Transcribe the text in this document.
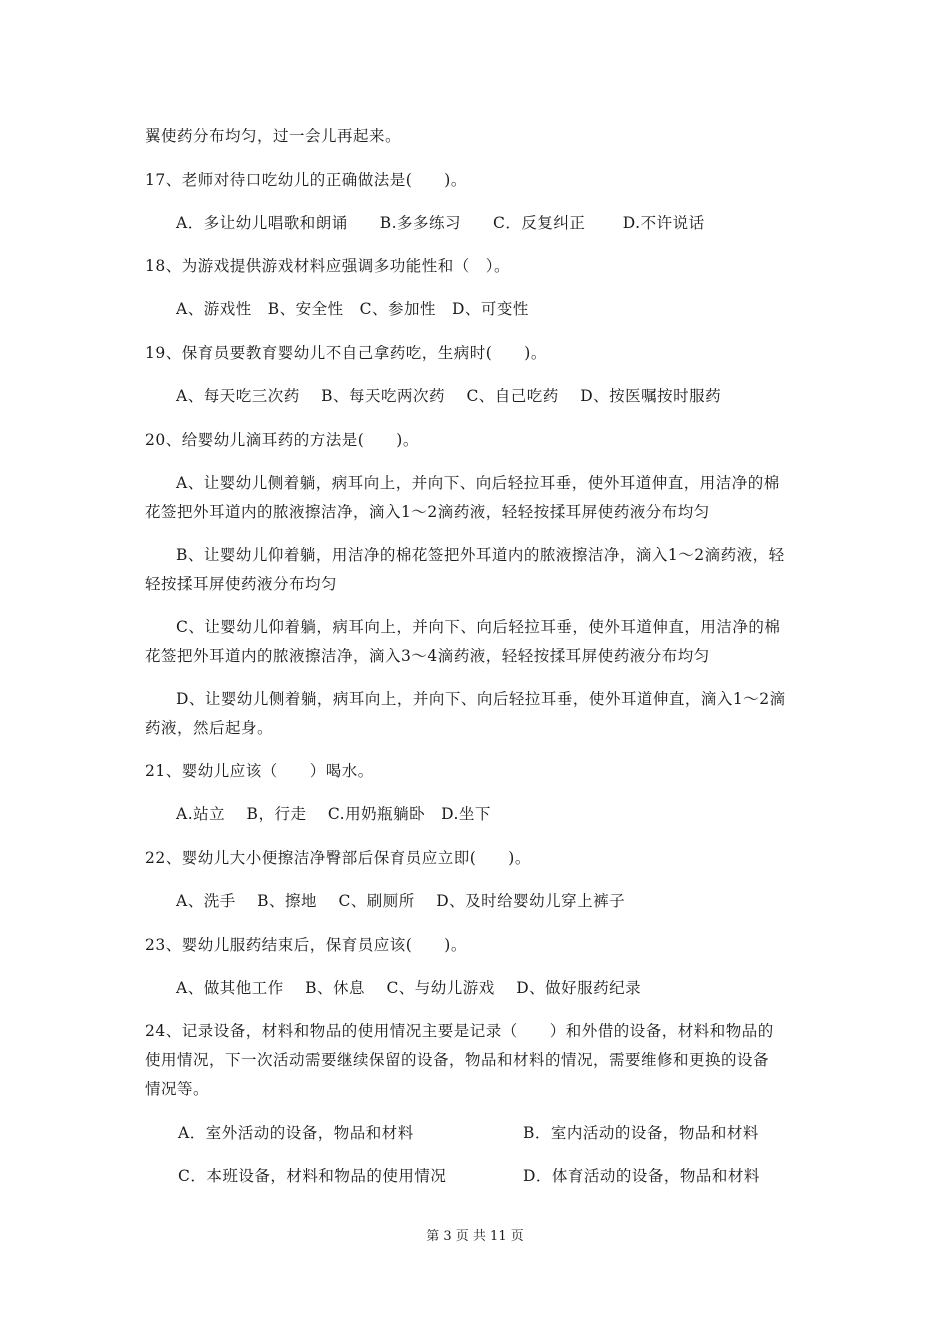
翼使药分布均匀，过一会儿再起来。
17、老师对待口吃幼儿的正确做法是(　　)。
A．多让幼儿唱歌和朗诵　　B.多多练习　　C．反复纠正　　 D.不许说话
18、为游戏提供游戏材料应强调多功能性和（　）。
A、游戏性　B、安全性　C、参加性　D、可变性
19、保育员要教育婴幼儿不自己拿药吃，生病时(　　)。
A、每天吃三次药　 B、每天吃两次药　 C、自己吃药　 D、按医嘱按时服药
20、给婴幼儿滴耳药的方法是(　　)。
A、让婴幼儿侧着躺，病耳向上，并向下、向后轻拉耳垂，使外耳道伸直，用洁净的棉
花签把外耳道内的脓液擦洁净，滴入1～2滴药液，轻轻按揉耳屏使药液分布均匀
B、让婴幼儿仰着躺，用洁净的棉花签把外耳道内的脓液擦洁净，滴入1～2滴药液，轻
轻按揉耳屏使药液分布均匀
C、让婴幼儿仰着躺，病耳向上，并向下、向后轻拉耳垂，使外耳道伸直，用洁净的棉
花签把外耳道内的脓液擦洁净，滴入3～4滴药液，轻轻按揉耳屏使药液分布均匀
D、让婴幼儿侧着躺，病耳向上，并向下、向后轻拉耳垂，使外耳道伸直，滴入1～2滴
药液，然后起身。
21、婴幼儿应该（　　）喝水。
A.站立　 B，行走　 C.用奶瓶躺卧　D.坐下
22、婴幼儿大小便擦洁净臀部后保育员应立即(　　)。
A、洗手　 B、擦地　 C、刷厕所　 D、及时给婴幼儿穿上裤子
23、婴幼儿服药结束后，保育员应该(　　)。
A、做其他工作　 B、休息　 C、与幼儿游戏　 D、做好服药纪录
24、记录设备，材料和物品的使用情况主要是记录（　　）和外借的设备，材料和物品的
使用情况，下一次活动需要继续保留的设备，物品和材料的情况，需要维修和更换的设备
情况等。
A．室外活动的设备，物品和材料	B．室内活动的设备，物品和材料
C．本班设备，材料和物品的使用情况	D．体育活动的设备，物品和材料
第 3 页 共 11 页
